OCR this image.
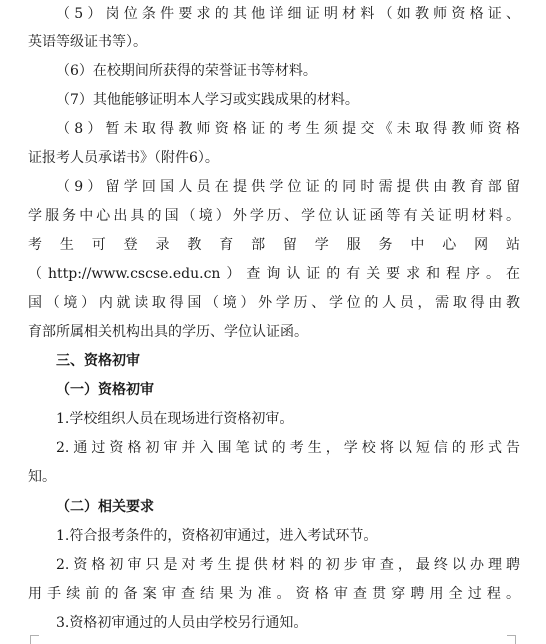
（5）岗位条件要求的其他详细证明材料（如教师资格证、
英语等级证书等）。
（6）在校期间所获得的荣誉证书等材料。
（7）其他能够证明本人学习或实践成果的材料。
（8）暂未取得教师资格证的考生须提交《未取得教师资格
证报考人员承诺书》（附件6）。
（9）留学回国人员在提供学位证的同时需提供由教育部留
学服务中心出具的国（境）外学历、学位认证函等有关证明材料。
考生可登录教育部留学服务中心网站
（http://www.cscse.edu.cn）查询认证的有关要求和程序。在
国（境）内就读取得国（境）外学历、学位的人员，需取得由教
育部所属相关机构出具的学历、学位认证函。
三、资格初审
（一）资格初审
1.学校组织人员在现场进行资格初审。
2.通过资格初审并入围笔试的考生，学校将以短信的形式告
知。
（二）相关要求
1.符合报考条件的，资格初审通过，进入考试环节。
2.资格初审只是对考生提供材料的初步审查，最终以办理聘
用手续前的备案审查结果为准。资格审查贯穿聘用全过程。
3.资格初审通过的人员由学校另行通知。
